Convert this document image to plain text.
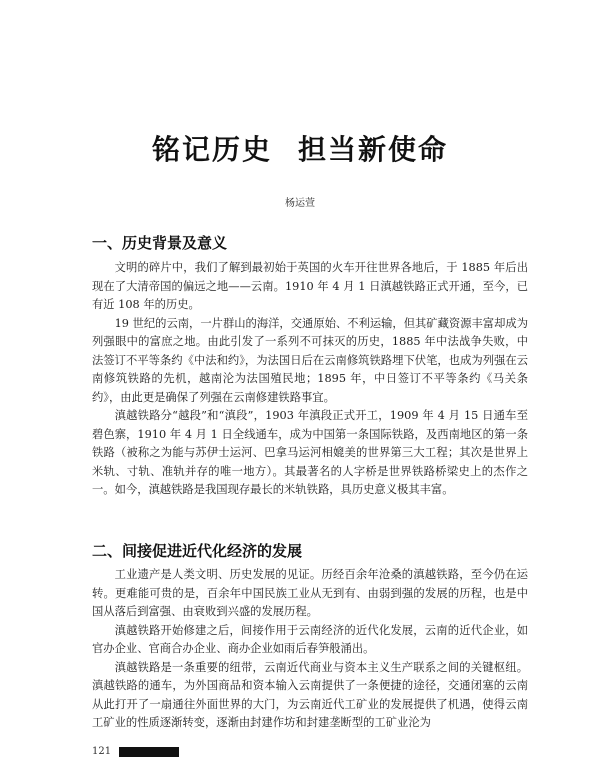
铭记历史 担当新使命
杨运萱
一、历史背景及意义

文明的碎片中，我们了解到最初始于英国的火车开往世界各地后，于 1885 年后出现在了大清帝国的偏远之地——云南。1910 年 4 月 1 日滇越铁路正式开通，至今，已有近 108 年的历史。

19 世纪的云南，一片群山的海洋，交通原始、不利运输，但其矿藏资源丰富却成为列强眼中的富庶之地。由此引发了一系列不可抹灭的历史，1885 年中法战争失败，中法签订不平等条约《中法和约》，为法国日后在云南修筑铁路埋下伏笔，也成为列强在云南修筑铁路的先机，越南沦为法国殖民地；1895 年，中日签订不平等条约《马关条约》，由此更是确保了列强在云南修建铁路事宜。

滇越铁路分“越段”和“滇段”，1903 年滇段正式开工，1909 年 4 月 15 日通车至碧色寨，1910 年 4 月 1 日全线通车，成为中国第一条国际铁路，及西南地区的第一条铁路（被称之为能与苏伊士运河、巴拿马运河相媲美的世界第三大工程；其次是世界上米轨、寸轨、准轨并存的唯一地方）。其最著名的人字桥是世界铁路桥梁史上的杰作之一。如今，滇越铁路是我国现存最长的米轨铁路，具历史意义极其丰富。

二、间接促进近代化经济的发展

工业遗产是人类文明、历史发展的见证。历经百余年沧桑的滇越铁路，至今仍在运转。更难能可贵的是，百余年中国民族工业从无到有、由弱到强的发展的历程，也是中国从落后到富强、由衰败到兴盛的发展历程。

滇越铁路开始修建之后，间接作用于云南经济的近代化发展，云南的近代企业，如官办企业、官商合办企业、商办企业如雨后春笋般涌出。

滇越铁路是一条重要的纽带，云南近代商业与资本主义生产联系之间的关键枢纽。滇越铁路的通车，为外国商品和资本输入云南提供了一条便捷的途径，交通闭塞的云南从此打开了一扇通往外面世界的大门，为云南近代工矿业的发展提供了机遇，使得云南工矿业的性质逐渐转变，逐渐由封建作坊和封建垄断型的工矿业沦为

121
